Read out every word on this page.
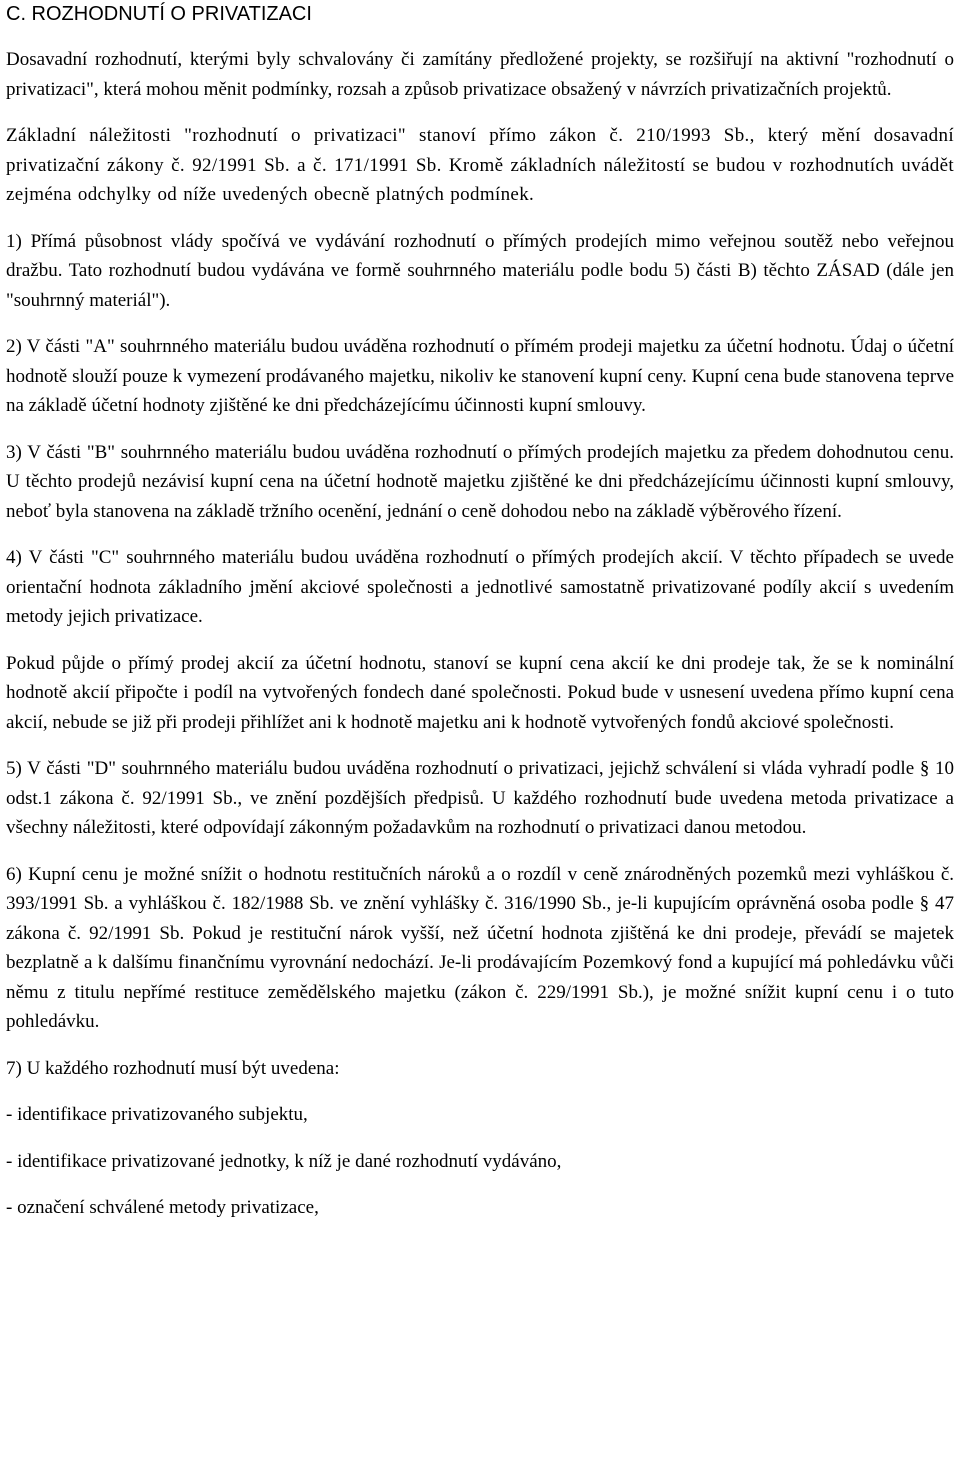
C. ROZHODNUTÍ O PRIVATIZACI

Dosavadní rozhodnutí, kterými byly schvalovány či zamítány předložené projekty, se rozšiřují na aktivní "rozhodnutí o privatizaci", která mohou měnit podmínky, rozsah a způsob privatizace obsažený v návrzích privatizačních projektů.

Základní náležitosti "rozhodnutí o privatizaci" stanoví přímo zákon č. 210/1993 Sb., který mění dosavadní privatizační zákony č. 92/1991 Sb. a č. 171/1991 Sb. Kromě základních náležitostí se budou v rozhodnutích uvádět zejména odchylky od níže uvedených obecně platných podmínek.

1) Přímá působnost vlády spočívá ve vydávání rozhodnutí o přímých prodejích mimo veřejnou soutěž nebo veřejnou dražbu. Tato rozhodnutí budou vydávána ve formě souhrnného materiálu podle bodu 5) části B) těchto ZÁSAD (dále jen "souhrnný materiál").

2) V části "A" souhrnného materiálu budou uváděna rozhodnutí o přímém prodeji majetku za účetní hodnotu. Údaj o účetní hodnotě slouží pouze k vymezení prodávaného majetku, nikoliv ke stanovení kupní ceny. Kupní cena bude stanovena teprve na základě účetní hodnoty zjištěné ke dni předcházejícímu účinnosti kupní smlouvy.

3) V části "B" souhrnného materiálu budou uváděna rozhodnutí o přímých prodejích majetku za předem dohodnutou cenu. U těchto prodejů nezávisí kupní cena na účetní hodnotě majetku zjištěné ke dni předcházejícímu účinnosti kupní smlouvy, neboť byla stanovena na základě tržního ocenění, jednání o ceně dohodou nebo na základě výběrového řízení.

4) V části "C" souhrnného materiálu budou uváděna rozhodnutí o přímých prodejích akcií. V těchto případech se uvede orientační hodnota základního jmění akciové společnosti a jednotlivé samostatně privatizované podíly akcií s uvedením metody jejich privatizace.

Pokud půjde o přímý prodej akcií za účetní hodnotu, stanoví se kupní cena akcií ke dni prodeje tak, že se k nominální hodnotě akcií připočte i podíl na vytvořených fondech dané společnosti. Pokud bude v usnesení uvedena přímo kupní cena akcií, nebude se již při prodeji přihlížet ani k hodnotě majetku ani k hodnotě vytvořených fondů akciové společnosti.

5) V části "D" souhrnného materiálu budou uváděna rozhodnutí o privatizaci, jejichž schválení si vláda vyhradí podle § 10 odst.1 zákona č. 92/1991 Sb., ve znění pozdějších předpisů. U každého rozhodnutí bude uvedena metoda privatizace a všechny náležitosti, které odpovídají zákonným požadavkům na rozhodnutí o privatizaci danou metodou.

6) Kupní cenu je možné snížit o hodnotu restitučních nároků a o rozdíl v ceně znárodněných pozemků mezi vyhláškou č. 393/1991 Sb. a vyhláškou č. 182/1988 Sb. ve znění vyhlášky č. 316/1990 Sb., je-li kupujícím oprávněná osoba podle § 47 zákona č. 92/1991 Sb. Pokud je restituční nárok vyšší, než účetní hodnota zjištěná ke dni prodeje, převádí se majetek bezplatně a k dalšímu finančnímu vyrovnání nedochází. Je-li prodávajícím Pozemkový fond a kupující má pohledávku vůči němu z titulu nepřímé restituce zemědělského majetku (zákon č. 229/1991 Sb.), je možné snížit kupní cenu i o tuto pohledávku.

7) U každého rozhodnutí musí být uvedena:

- identifikace privatizovaného subjektu,

- identifikace privatizované jednotky, k níž je dané rozhodnutí vydáváno,

- označení schválené metody privatizace,
